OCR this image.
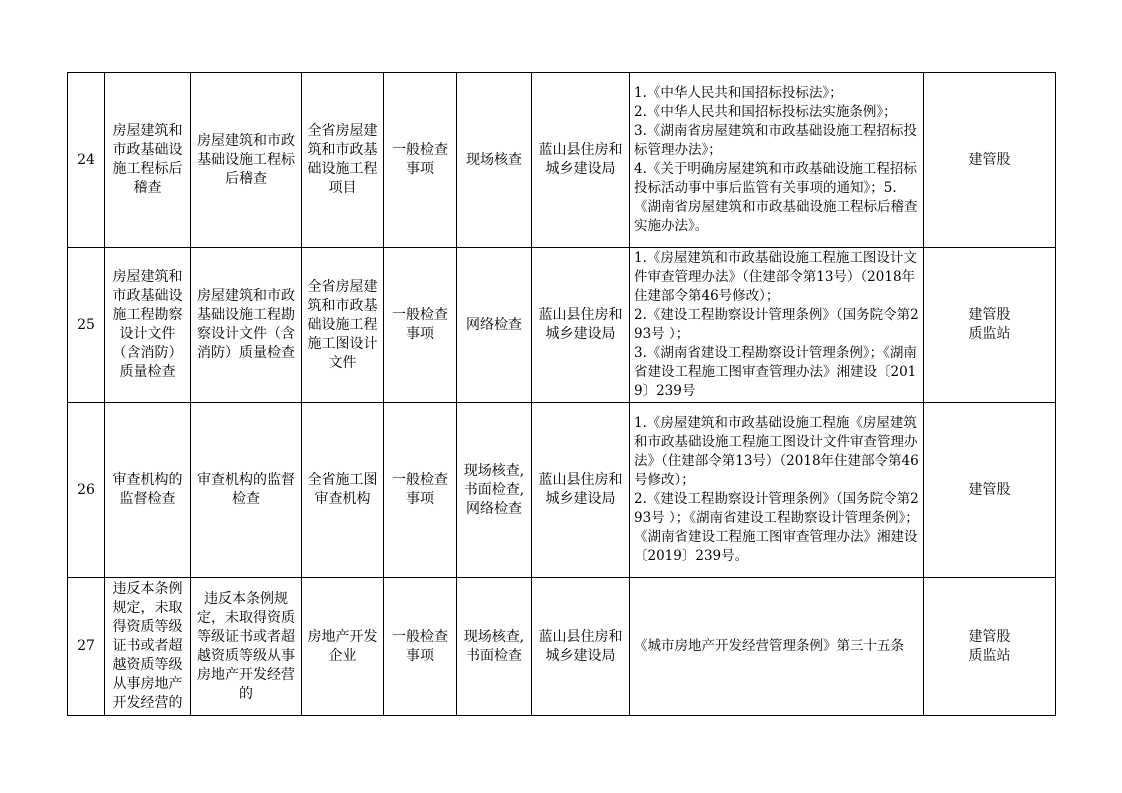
24	房屋建筑和市政基础设施工程标后稽查	房屋建筑和市政基础设施工程标后稽查	全省房屋建筑和市政基础设施工程项目	一般检查事项	现场核查	蓝山县住房和城乡建设局	1.《中华人民共和国招标投标法》；
2.《中华人民共和国招标投标法实施条例》；
3.《湖南省房屋建筑和市政基础设施工程招标投标管理办法》；
4.《关于明确房屋建筑和市政基础设施工程招标投标活动事中事后监管有关事项的通知》；5.《湖南省房屋建筑和市政基础设施工程标后稽查实施办法》。	建管股
25	房屋建筑和市政基础设施工程勘察设计文件（含消防）质量检查	房屋建筑和市政基础设施工程勘察设计文件（含消防）质量检查	全省房屋建筑和市政基础设施工程施工图设计文件	一般检查事项	网络检查	蓝山县住房和城乡建设局	1.《房屋建筑和市政基础设施工程施工图设计文件审查管理办法》（住建部令第13号）（2018年住建部令第46号修改）；
2.《建设工程勘察设计管理条例》（国务院令第293号 ）；
3.《湖南省建设工程勘察设计管理条例》；《湖南省建设工程施工图审查管理办法》湘建设〔2019〕239号	建管股
质监站
26	审查机构的监督检查	审查机构的监督检查	全省施工图审查机构	一般检查事项	现场核查,
书面检查,
网络检查	蓝山县住房和城乡建设局	1.《房屋建筑和市政基础设施工程施《房屋建筑和市政基础设施工程施工图设计文件审查管理办法》（住建部令第13号）（2018年住建部令第46号修改）；
2.《建设工程勘察设计管理条例》（国务院令第293号 ）；《湖南省建设工程勘察设计管理条例》；《湖南省建设工程施工图审查管理办法》湘建设〔2019〕239号。	建管股
27	违反本条例规定，未取得资质等级证书或者超越资质等级从事房地产开发经营的	违反本条例规定，未取得资质等级证书或者超越资质等级从事房地产开发经营的	房地产开发企业	一般检查事项	现场核查,
书面检查	蓝山县住房和城乡建设局	《城市房地产开发经营管理条例》第三十五条	建管股
质监站
